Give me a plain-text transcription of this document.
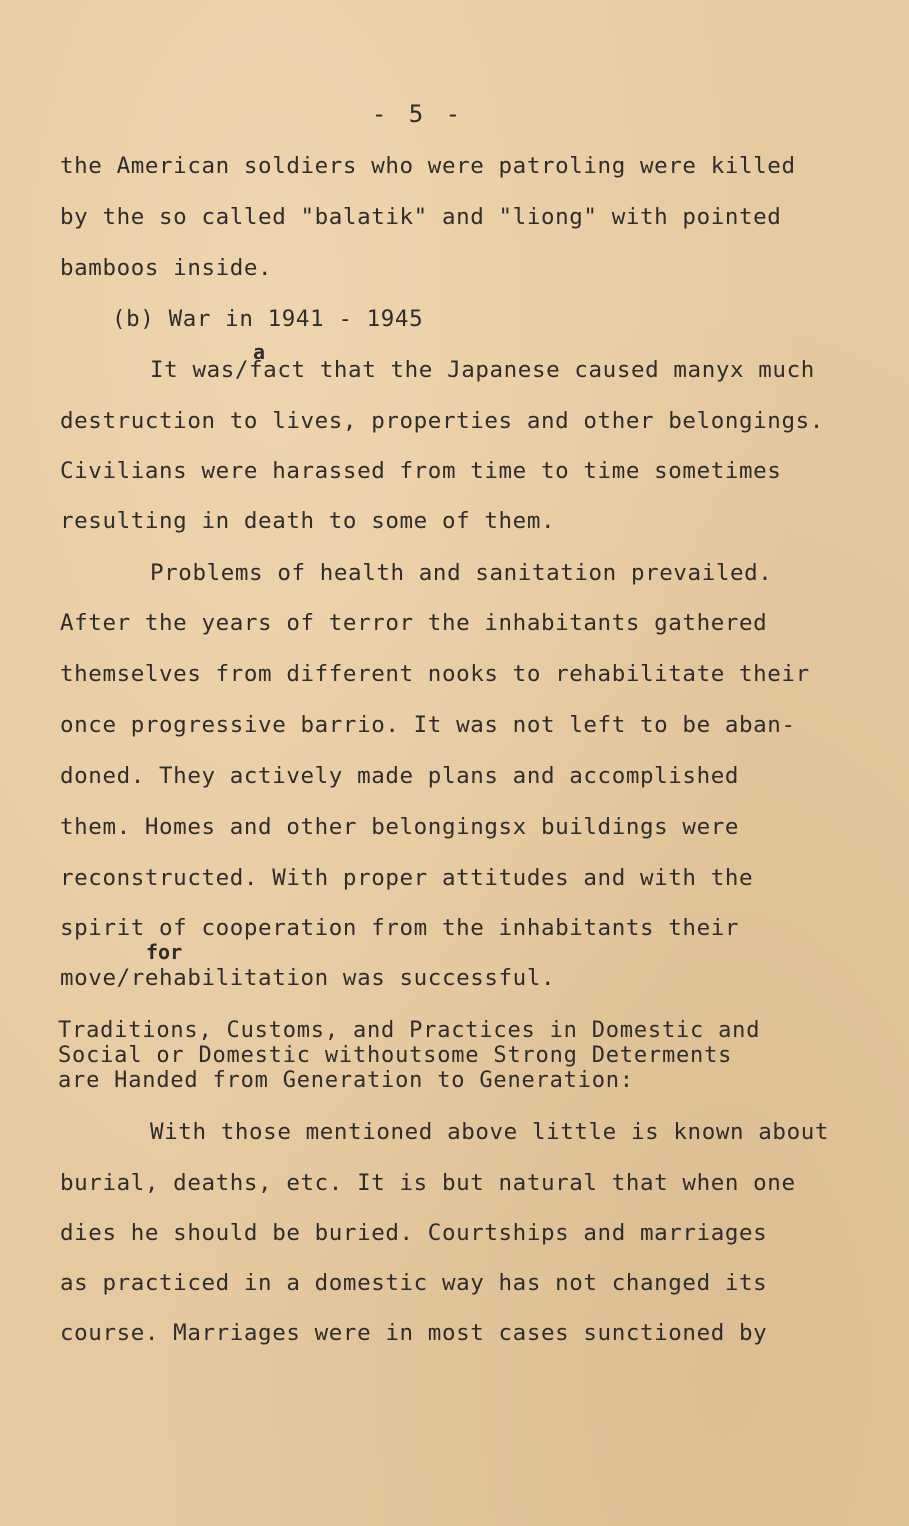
- 5 -
the American soldiers who were patroling were killed
by the so called "balatik" and "liong" with pointed
bamboos inside.
(b) War in 1941 - 1945
a
It was/fact that the Japanese caused manyx much
destruction to lives, properties and other belongings.
Civilians were harassed from time to time sometimes
resulting in death to some of them.
Problems of health and sanitation prevailed.
After the years of terror the inhabitants gathered
themselves from different nooks to rehabilitate their
once progressive barrio. It was not left to be aban-
doned. They actively made plans and accomplished
them. Homes and other belongingsx buildings were
reconstructed. With proper attitudes and with the
spirit of cooperation from the inhabitants their
for
move/rehabilitation was successful.
Traditions, Customs, and Practices in Domestic and
Social or Domestic withoutsome Strong Determents
are Handed from Generation to Generation:
With those mentioned above little is known about
burial, deaths, etc. It is but natural that when one
dies he should be buried. Courtships and marriages
as practiced in a domestic way has not changed its
course. Marriages were in most cases sunctioned by
